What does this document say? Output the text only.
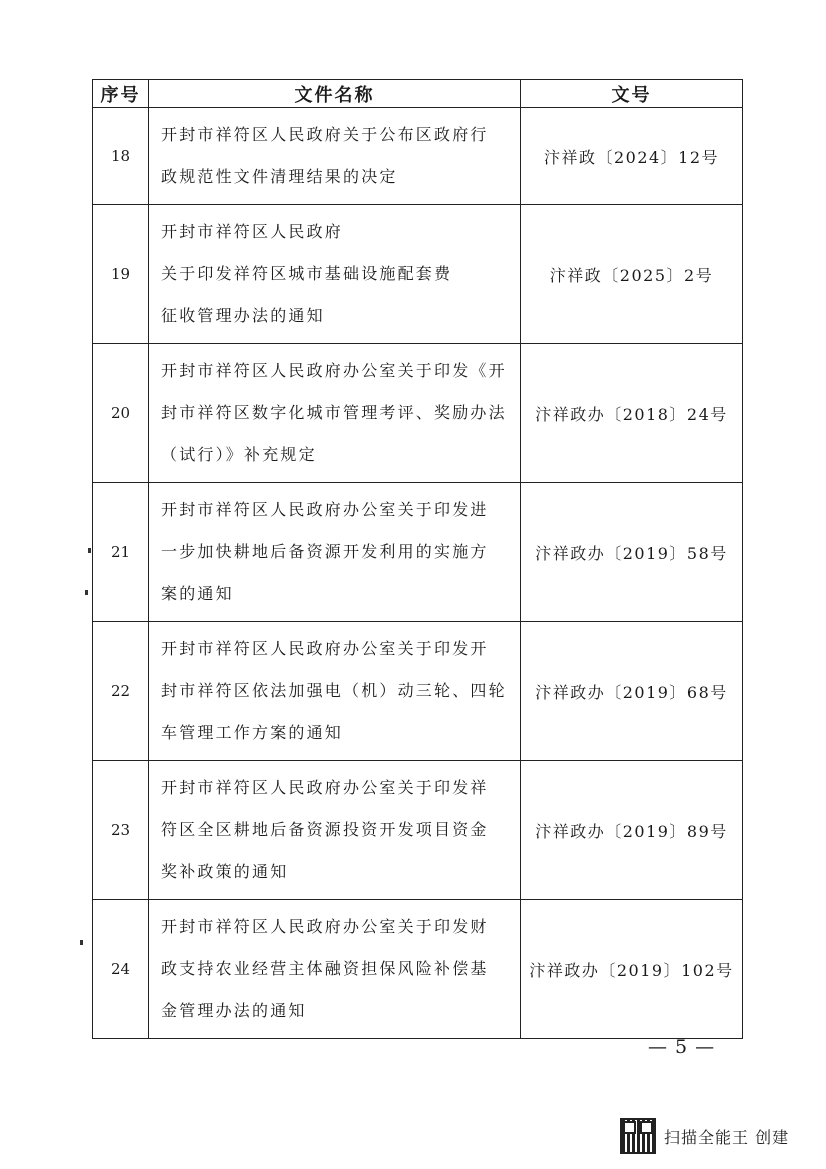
序号	文件名称	文号
18	开封市祥符区人民政府关于公布区政府行
政规范性文件清理结果的决定	汴祥政〔2024〕12号
19	开封市祥符区人民政府
关于印发祥符区城市基础设施配套费
征收管理办法的通知	汴祥政〔2025〕2号
20	开封市祥符区人民政府办公室关于印发《开
封市祥符区数字化城市管理考评、奖励办法
（试行）》补充规定	汴祥政办〔2018〕24号
21	开封市祥符区人民政府办公室关于印发进
一步加快耕地后备资源开发利用的实施方
案的通知	汴祥政办〔2019〕58号
22	开封市祥符区人民政府办公室关于印发开
封市祥符区依法加强电（机）动三轮、四轮
车管理工作方案的通知	汴祥政办〔2019〕68号
23	开封市祥符区人民政府办公室关于印发祥
符区全区耕地后备资源投资开发项目资金
奖补政策的通知	汴祥政办〔2019〕89号
24	开封市祥符区人民政府办公室关于印发财
政支持农业经营主体融资担保风险补偿基
金管理办法的通知	汴祥政办〔2019〕102号
— 5 —
扫描全能王 创建
